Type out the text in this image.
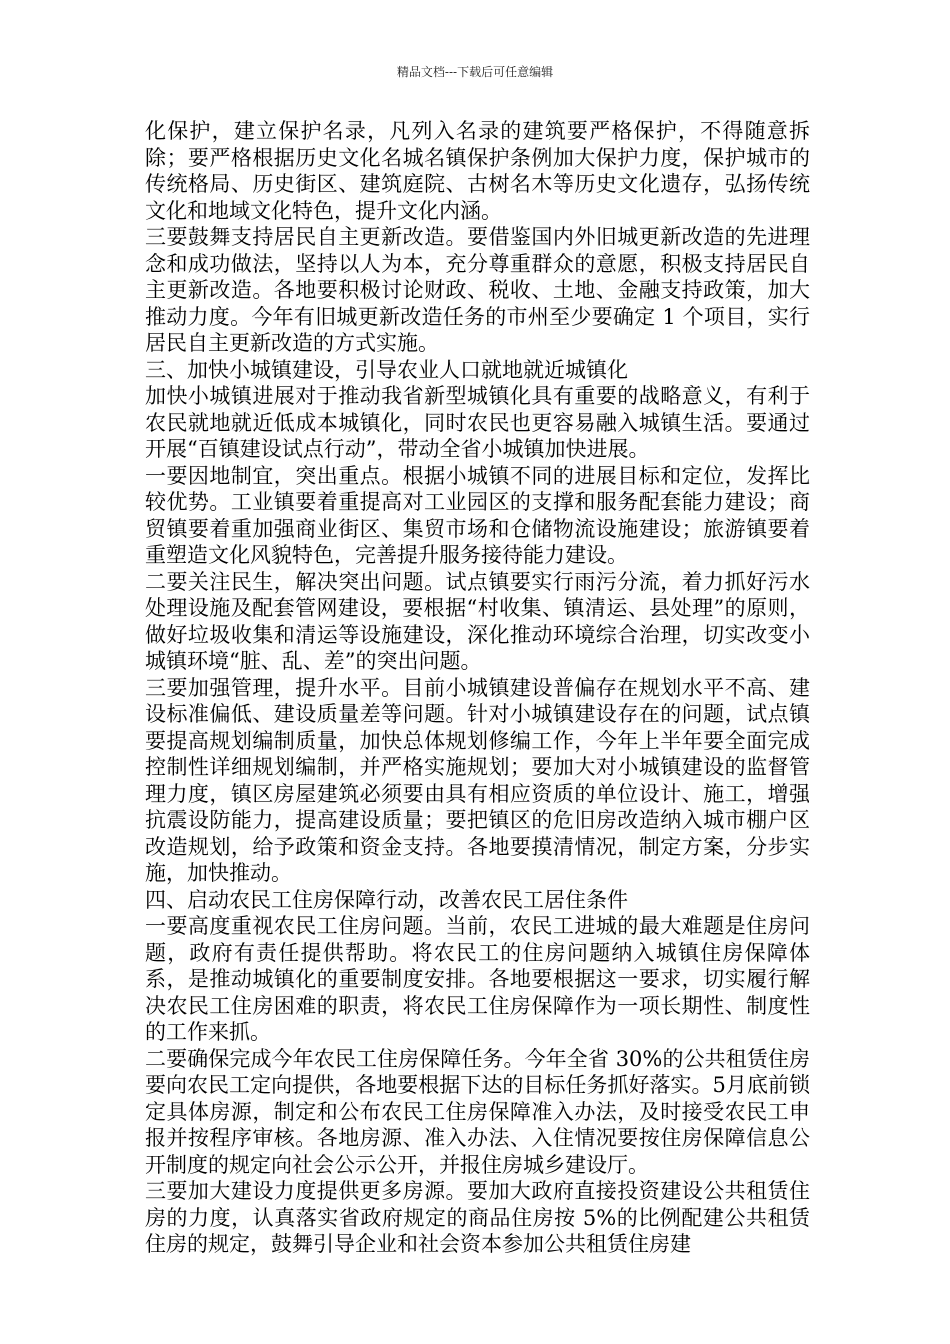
精品文档---下载后可任意编辑

化保护，建立保护名录，凡列入名录的建筑要严格保护，不得随意拆除；要严格根据历史文化名城名镇保护条例加大保护力度，保护城市的传统格局、历史街区、建筑庭院、古树名木等历史文化遗存，弘扬传统文化和地域文化特色，提升文化内涵。

三要鼓舞支持居民自主更新改造。要借鉴国内外旧城更新改造的先进理念和成功做法，坚持以人为本，充分尊重群众的意愿，积极支持居民自主更新改造。各地要积极讨论财政、税收、土地、金融支持政策，加大推动力度。今年有旧城更新改造任务的市州至少要确定 1 个项目，实行居民自主更新改造的方式实施。

三、加快小城镇建设，引导农业人口就地就近城镇化

加快小城镇进展对于推动我省新型城镇化具有重要的战略意义，有利于农民就地就近低成本城镇化，同时农民也更容易融入城镇生活。要通过开展“百镇建设试点行动”，带动全省小城镇加快进展。

一要因地制宜，突出重点。根据小城镇不同的进展目标和定位，发挥比较优势。工业镇要着重提高对工业园区的支撑和服务配套能力建设；商贸镇要着重加强商业街区、集贸市场和仓储物流设施建设；旅游镇要着重塑造文化风貌特色，完善提升服务接待能力建设。

二要关注民生，解决突出问题。试点镇要实行雨污分流，着力抓好污水处理设施及配套管网建设，要根据“村收集、镇清运、县处理”的原则，做好垃圾收集和清运等设施建设，深化推动环境综合治理，切实改变小城镇环境“脏、乱、差”的突出问题。

三要加强管理，提升水平。目前小城镇建设普偏存在规划水平不高、建设标准偏低、建设质量差等问题。针对小城镇建设存在的问题，试点镇要提高规划编制质量，加快总体规划修编工作，今年上半年要全面完成控制性详细规划编制，并严格实施规划；要加大对小城镇建设的监督管理力度，镇区房屋建筑必须要由具有相应资质的单位设计、施工，增强抗震设防能力，提高建设质量；要把镇区的危旧房改造纳入城市棚户区改造规划，给予政策和资金支持。各地要摸清情况，制定方案，分步实施，加快推动。

四、启动农民工住房保障行动，改善农民工居住条件

一要高度重视农民工住房问题。当前，农民工进城的最大难题是住房问题，政府有责任提供帮助。将农民工的住房问题纳入城镇住房保障体系，是推动城镇化的重要制度安排。各地要根据这一要求，切实履行解决农民工住房困难的职责，将农民工住房保障作为一项长期性、制度性的工作来抓。

二要确保完成今年农民工住房保障任务。今年全省 30%的公共租赁住房要向农民工定向提供，各地要根据下达的目标任务抓好落实。5月底前锁定具体房源，制定和公布农民工住房保障准入办法，及时接受农民工申报并按程序审核。各地房源、准入办法、入住情况要按住房保障信息公开制度的规定向社会公示公开，并报住房城乡建设厅。

三要加大建设力度提供更多房源。要加大政府直接投资建设公共租赁住房的力度，认真落实省政府规定的商品住房按 5%的比例配建公共租赁住房的规定，鼓舞引导企业和社会资本参加公共租赁住房建
